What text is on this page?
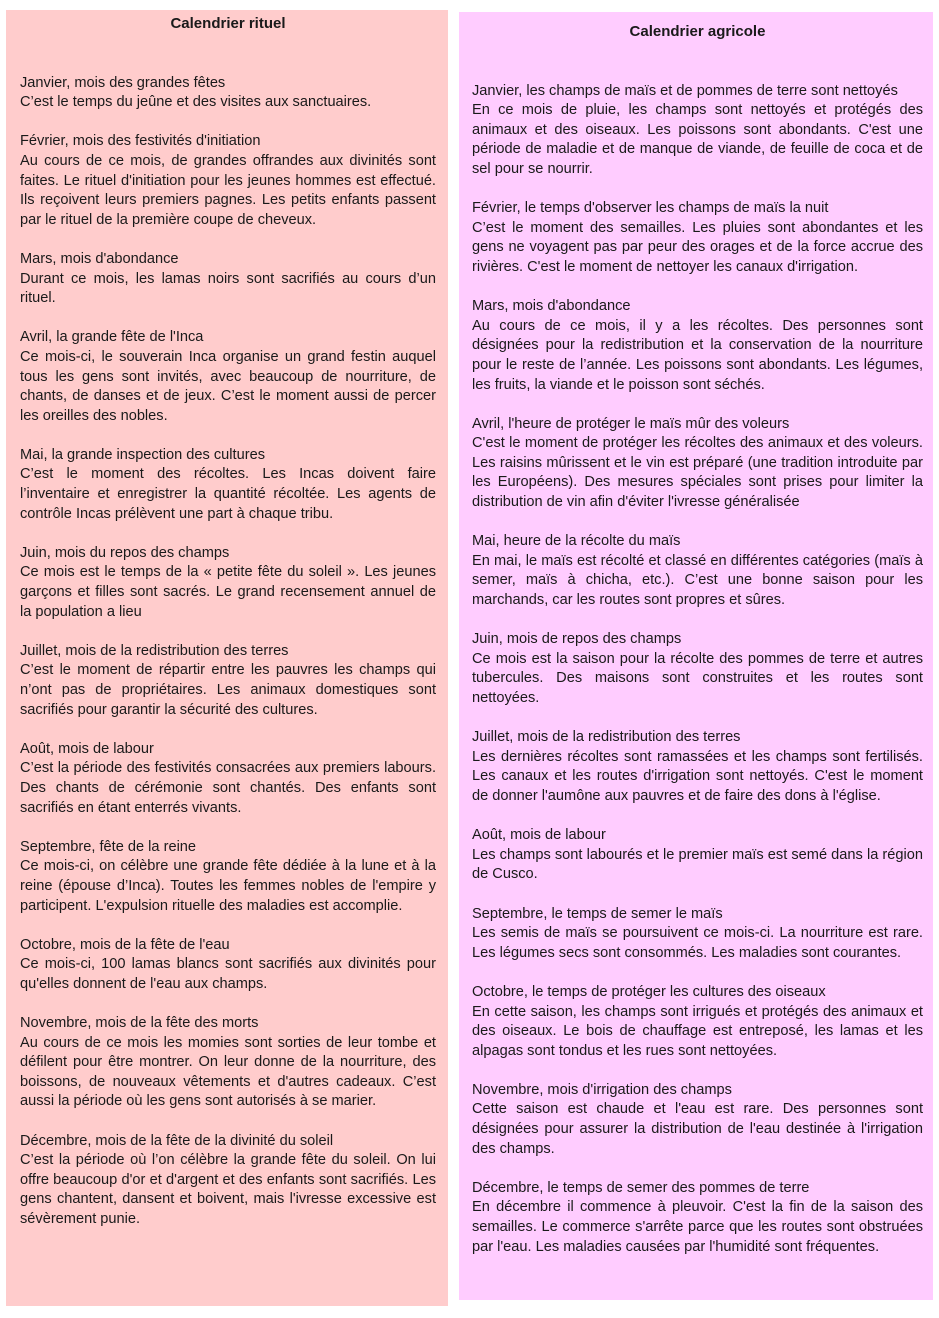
Calendrier rituel
Janvier, mois des grandes fêtes
C’est le temps du jeûne et des visites aux sanctuaires.
Février, mois des festivités d'initiation
Au cours de ce mois, de grandes offrandes aux divinités sont faites. Le rituel d'initiation pour les jeunes hommes est effectué. Ils reçoivent leurs premiers pagnes. Les petits enfants passent par le rituel de la première coupe de cheveux.
Mars, mois d'abondance
Durant ce mois, les lamas noirs sont sacrifiés au cours d’un rituel.
Avril, la grande fête de l'Inca
Ce mois-ci, le souverain Inca organise un grand festin auquel tous les gens sont invités, avec beaucoup de nourriture, de chants, de danses et de jeux. C’est le moment aussi de percer les oreilles des nobles.
Mai, la grande inspection des cultures
C’est le moment des récoltes. Les Incas doivent faire l’inventaire et enregistrer la quantité récoltée. Les agents de contrôle Incas prélèvent une part à chaque tribu.
Juin, mois du repos des champs
Ce mois est le temps de la « petite fête du soleil ». Les jeunes garçons et filles sont sacrés. Le grand recensement annuel de la population a lieu
Juillet, mois de la redistribution des terres
C’est le moment de répartir entre les pauvres les champs qui n’ont pas de propriétaires. Les animaux domestiques sont sacrifiés pour garantir la sécurité des cultures.
Août, mois de labour
C’est la période des festivités consacrées aux premiers labours. Des chants de cérémonie sont chantés. Des enfants sont sacrifiés en étant enterrés vivants.
Septembre, fête de la reine
Ce mois-ci, on célèbre une grande fête dédiée à la lune et à la reine (épouse d’Inca). Toutes les femmes nobles de l'empire y participent. L'expulsion rituelle des maladies est accomplie.
Octobre, mois de la fête de l'eau
Ce mois-ci, 100 lamas blancs sont sacrifiés aux divinités pour qu'elles donnent de l'eau aux champs.
Novembre, mois de la fête des morts
Au cours de ce mois les momies sont sorties de leur tombe et défilent pour être montrer. On leur donne de la nourriture, des boissons, de nouveaux vêtements et d'autres cadeaux. C’est aussi la période où les gens sont autorisés à se marier.
Décembre, mois de la fête de la divinité du soleil
C’est la période où l’on célèbre la grande fête du soleil. On lui offre beaucoup d'or et d'argent et des enfants sont sacrifiés. Les gens chantent, dansent et boivent, mais l'ivresse excessive est sévèrement punie.
Calendrier agricole
Janvier, les champs de maïs et de pommes de terre sont nettoyés
En ce mois de pluie, les champs sont nettoyés et protégés des animaux et des oiseaux. Les poissons sont abondants. C'est une période de maladie et de manque de viande, de feuille de coca et de sel pour se nourrir.
Février, le temps d'observer les champs de maïs la nuit
C’est le moment des semailles. Les pluies sont abondantes et les gens ne voyagent pas par peur des orages et de la force accrue des rivières. C'est le moment de nettoyer les canaux d'irrigation.
Mars, mois d'abondance
Au cours de ce mois, il y a les récoltes. Des personnes sont désignées pour la redistribution et la conservation de la nourriture pour le reste de l’année. Les poissons sont abondants. Les légumes, les fruits, la viande et le poisson sont séchés.
Avril, l'heure de protéger le maïs mûr des voleurs
C'est le moment de protéger les récoltes des animaux et des voleurs. Les raisins mûrissent et le vin est préparé (une tradition introduite par les Européens). Des mesures spéciales sont prises pour limiter la distribution de vin afin d'éviter l'ivresse généralisée
Mai, heure de la récolte du maïs
En mai, le maïs est récolté et classé en différentes catégories (maïs à semer, maïs à chicha, etc.). C’est une bonne saison pour les marchands, car les routes sont propres et sûres.
Juin, mois de repos des champs
Ce mois est la saison pour la récolte des pommes de terre et autres tubercules. Des maisons sont construites et les routes sont nettoyées.
Juillet, mois de la redistribution des terres
Les dernières récoltes sont ramassées et les champs sont fertilisés. Les canaux et les routes d'irrigation sont nettoyés. C'est le moment de donner l'aumône aux pauvres et de faire des dons à l'église.
Août, mois de labour
Les champs sont labourés et le premier maïs est semé dans la région de Cusco.
Septembre, le temps de semer le maïs
Les semis de maïs se poursuivent ce mois-ci. La nourriture est rare. Les légumes secs sont consommés. Les maladies sont courantes.
Octobre, le temps de protéger les cultures des oiseaux
En cette saison, les champs sont irrigués et protégés des animaux et des oiseaux. Le bois de chauffage est entreposé, les lamas et les alpagas sont tondus et les rues sont nettoyées.
Novembre, mois d'irrigation des champs
Cette saison est chaude et l'eau est rare. Des personnes sont désignées pour assurer la distribution de l'eau destinée à l'irrigation des champs.
Décembre, le temps de semer des pommes de terre
En décembre il commence à pleuvoir. C'est la fin de la saison des semailles. Le commerce s'arrête parce que les routes sont obstruées par l'eau. Les maladies causées par l'humidité sont fréquentes.
